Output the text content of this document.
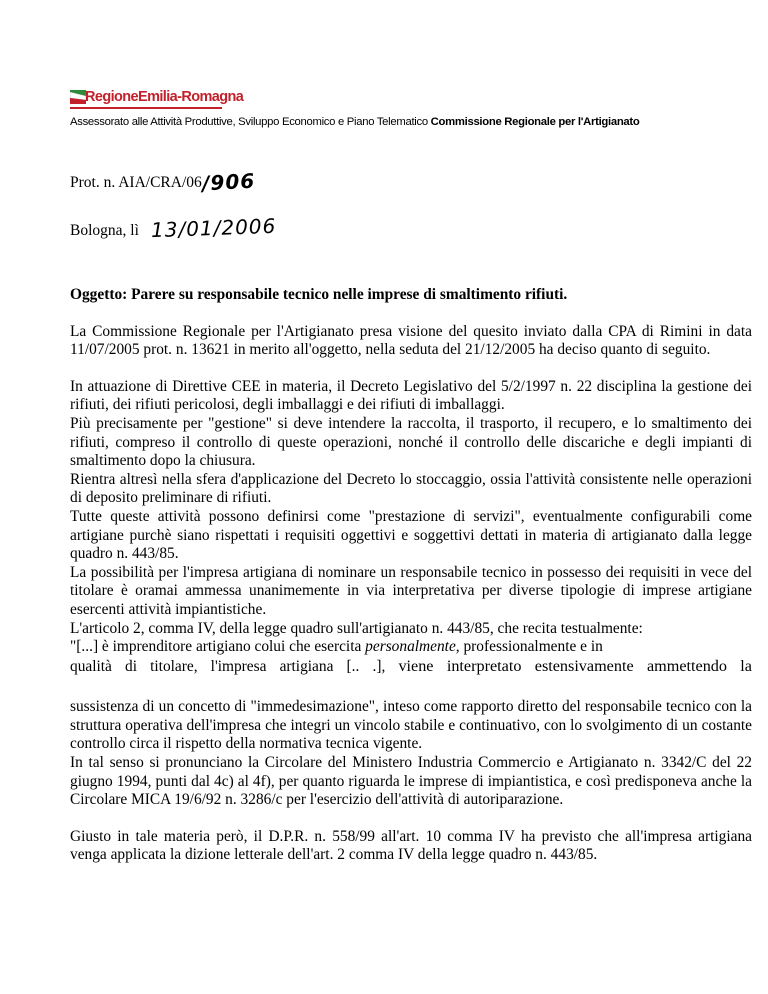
RegioneEmilia-Romagna
Assessorato alle Attività Produttive, Sviluppo Economico e Piano Telematico Commissione Regionale per l'Artigianato
Prot. n. AIA/CRA/06/906
Bologna, lì 13/01/2006

Oggetto: Parere su responsabile tecnico nelle imprese di smaltimento rifiuti.

La Commissione Regionale per l'Artigianato presa visione del quesito inviato dalla CPA di Rimini in data 11/07/2005 prot. n. 13621 in merito all'oggetto, nella seduta del 21/12/2005 ha deciso quanto di seguito.

In attuazione di Direttive CEE in materia, il Decreto Legislativo del 5/2/1997 n. 22 disciplina la gestione dei rifiuti, dei rifiuti pericolosi, degli imballaggi e dei rifiuti di imballaggi.

Più precisamente per "gestione" si deve intendere la raccolta, il trasporto, il recupero, e lo smaltimento dei rifiuti, compreso il controllo di queste operazioni, nonché il controllo delle discariche e degli impianti di smaltimento dopo la chiusura.

Rientra altresì nella sfera d'applicazione del Decreto lo stoccaggio, ossia l'attività consistente nelle operazioni di deposito preliminare di rifiuti.

Tutte queste attività possono definirsi come "prestazione di servizi", eventualmente configurabili come artigiane purchè siano rispettati i requisiti oggettivi e soggettivi dettati in materia di artigianato dalla legge quadro n. 443/85.

La possibilità per l'impresa artigiana di nominare un responsabile tecnico in possesso dei requisiti in vece del titolare è oramai ammessa unanimemente in via interpretativa per diverse tipologie di imprese artigiane esercenti attività impiantistiche.

L'articolo 2, comma IV, della legge quadro sull'artigianato n. 443/85, che recita testualmente:

"[...] è imprenditore artigiano colui che esercita personalmente, professionalmente e in

qualità di titolare, l'impresa artigiana [.. .], viene interpretato estensivamente ammettendo la

sussistenza di un concetto di "immedesimazione", inteso come rapporto diretto del responsabile tecnico con la struttura operativa dell'impresa che integri un vincolo stabile e continuativo, con lo svolgimento di un costante controllo circa il rispetto della normativa tecnica vigente.

In tal senso si pronunciano la Circolare del Ministero Industria Commercio e Artigianato n. 3342/C del 22 giugno 1994, punti dal 4c) al 4f), per quanto riguarda le imprese di impiantistica, e così predisponeva anche la Circolare MICA 19/6/92 n. 3286/c per l'esercizio dell'attività di autoriparazione.

Giusto in tale materia però, il D.P.R. n. 558/99 all'art. 10 comma IV ha previsto che all'impresa artigiana venga applicata la dizione letterale dell'art. 2 comma IV della legge quadro n. 443/85.
